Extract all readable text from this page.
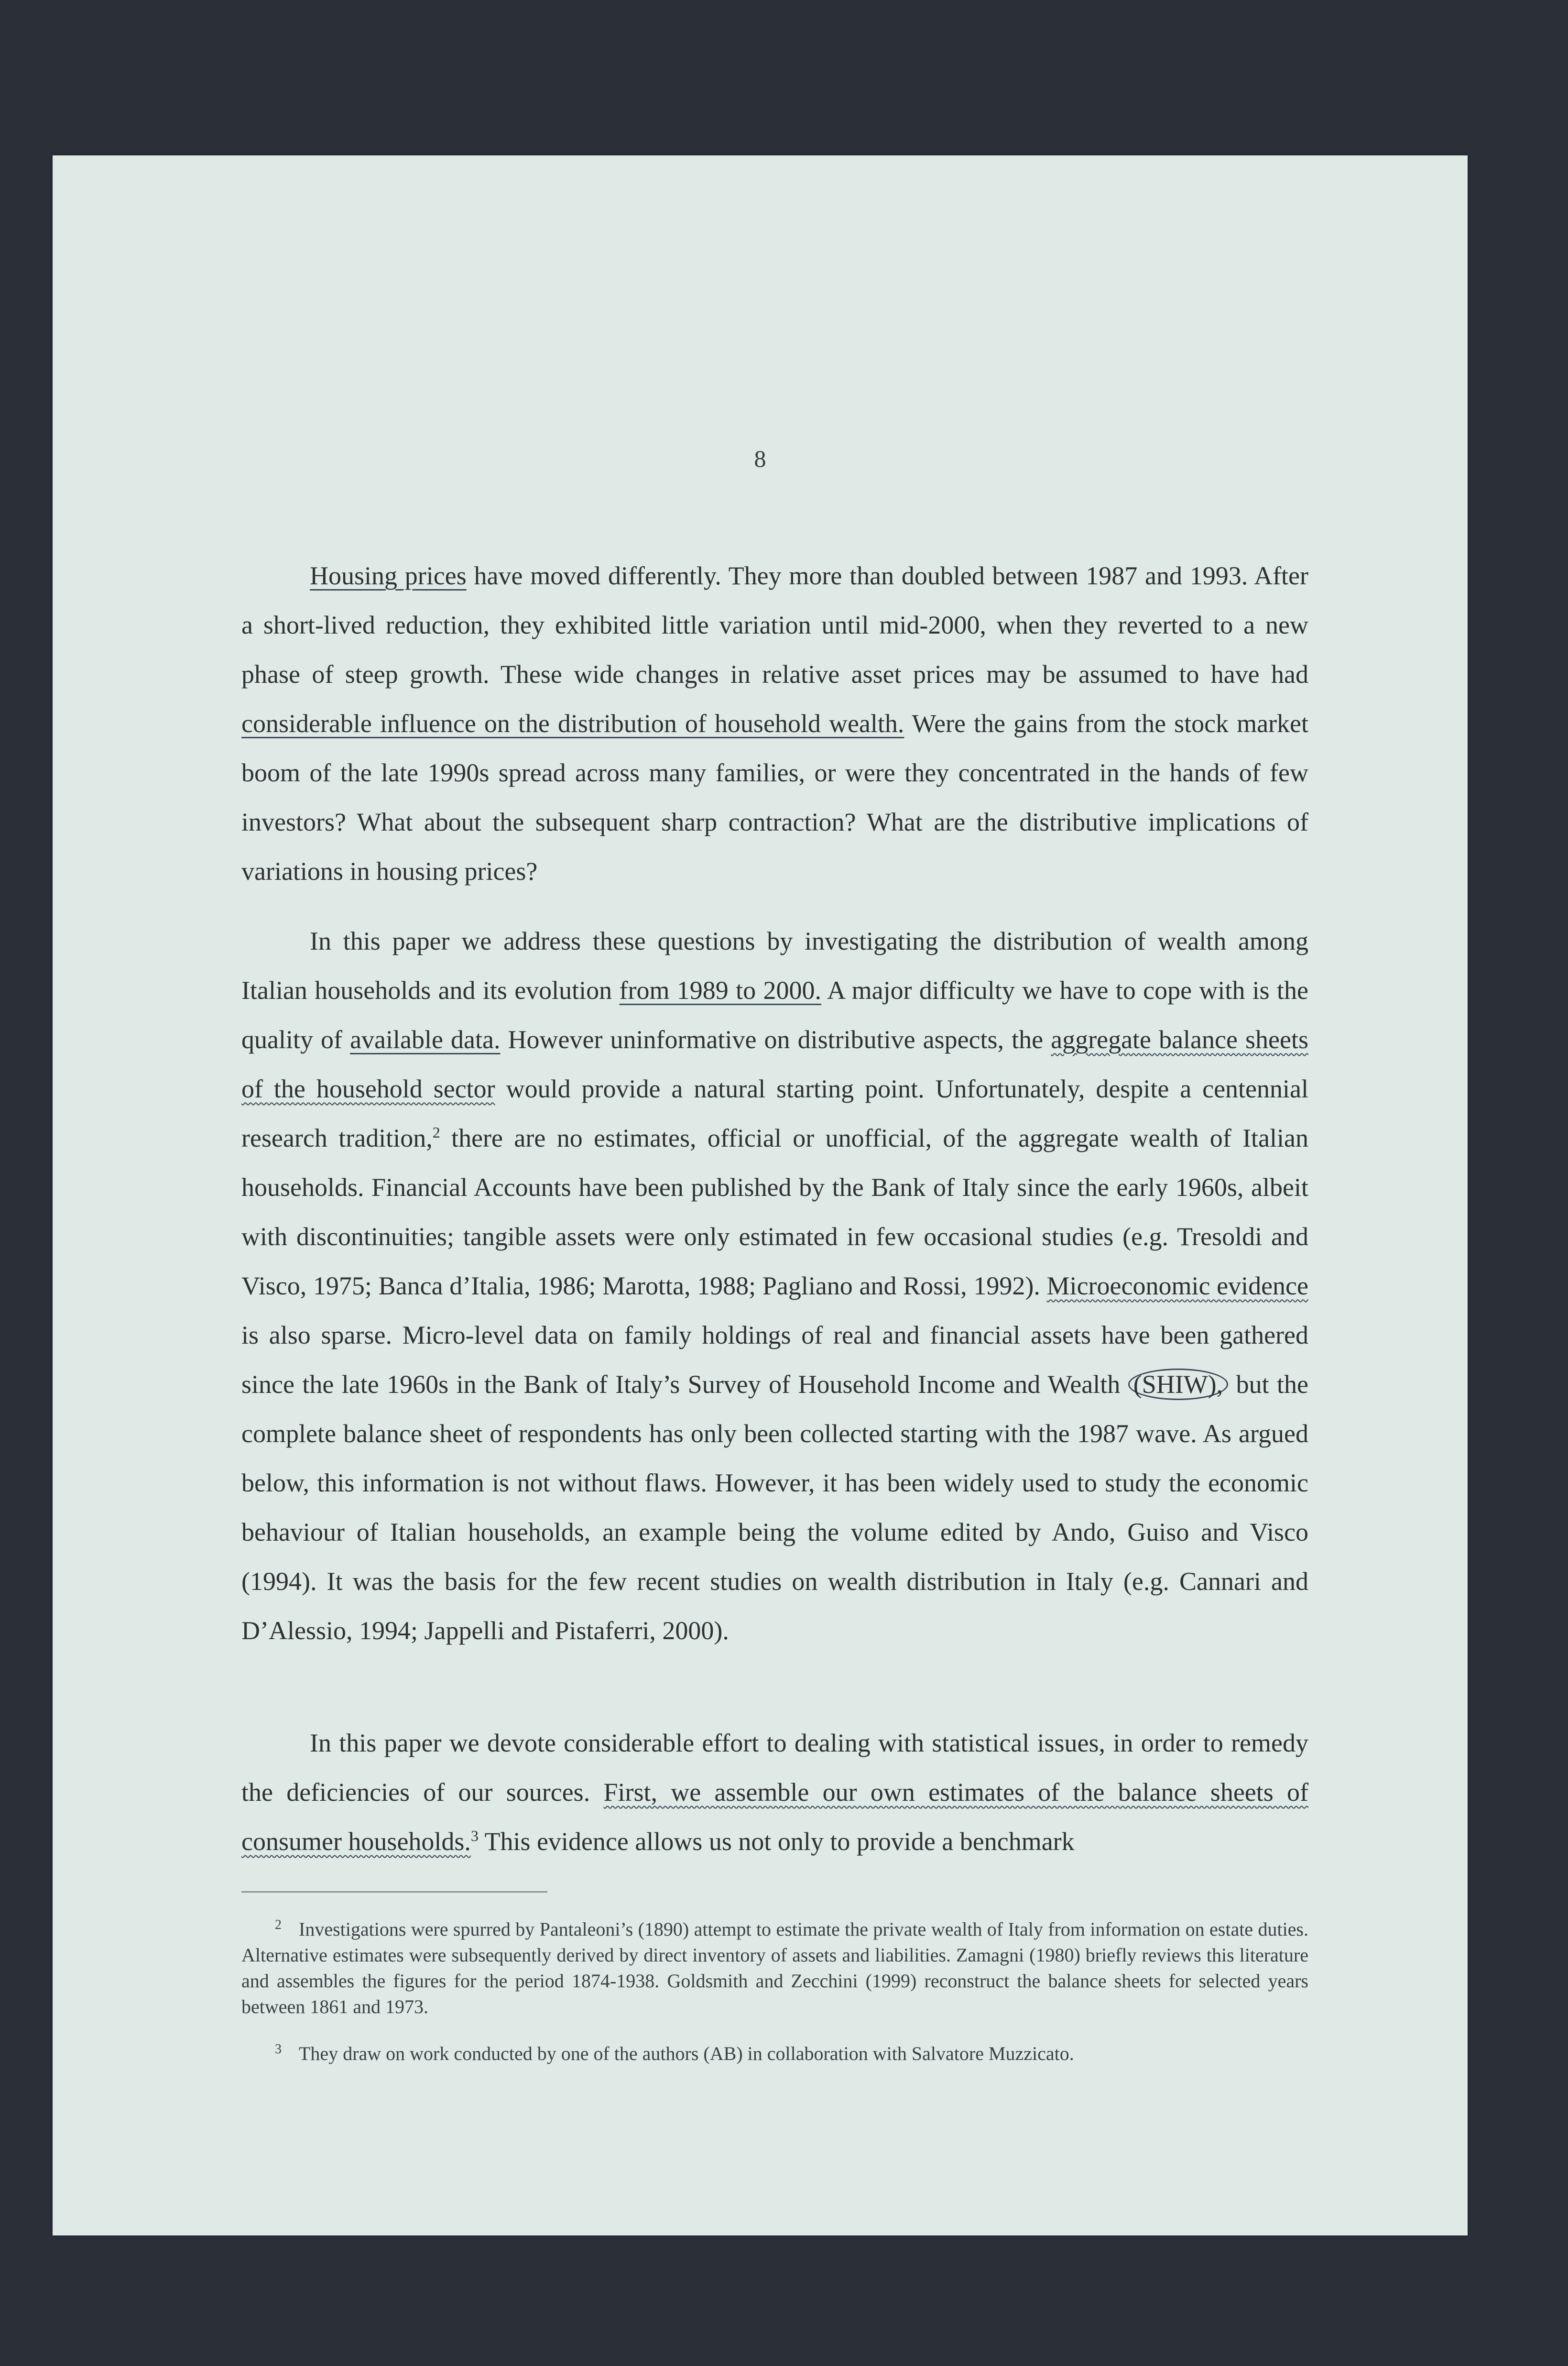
8

Housing prices have moved differently. They more than doubled between 1987 and 1993. After a short-lived reduction, they exhibited little variation until mid-2000, when they reverted to a new phase of steep growth. These wide changes in relative asset prices may be assumed to have had considerable influence on the distribution of household wealth. Were the gains from the stock market boom of the late 1990s spread across many families, or were they concentrated in the hands of few investors? What about the subsequent sharp contraction? What are the distributive implications of variations in housing prices?

In this paper we address these questions by investigating the distribution of wealth among Italian households and its evolution from 1989 to 2000. A major difficulty we have to cope with is the quality of available data. However uninformative on distributive aspects, the aggregate balance sheets of the household sector would provide a natural starting point. Unfortunately, despite a centennial research tradition,$^2$ there are no estimates, official or unofficial, of the aggregate wealth of Italian households. Financial Accounts have been published by the Bank of Italy since the early 1960s, albeit with discontinuities; tangible assets were only estimated in few occasional studies (e.g. Tresoldi and Visco, 1975; Banca d’Italia, 1986; Marotta, 1988; Pagliano and Rossi, 1992). Microeconomic evidence is also sparse. Micro-level data on family holdings of real and financial assets have been gathered since the late 1960s in the Bank of Italy’s Survey of Household Income and Wealth (SHIW), but the complete balance sheet of respondents has only been collected starting with the 1987 wave. As argued below, this information is not without flaws. However, it has been widely used to study the economic behaviour of Italian households, an example being the volume edited by Ando, Guiso and Visco (1994). It was the basis for the few recent studies on wealth distribution in Italy (e.g. Cannari and D’Alessio, 1994; Jappelli and Pistaferri, 2000).

In this paper we devote considerable effort to dealing with statistical issues, in order to remedy the deficiencies of our sources. First, we assemble our own estimates of the balance sheets of consumer households.$^3$ This evidence allows us not only to provide a benchmark

$^2$ Investigations were spurred by Pantaleoni’s (1890) attempt to estimate the private wealth of Italy from information on estate duties. Alternative estimates were subsequently derived by direct inventory of assets and liabilities. Zamagni (1980) briefly reviews this literature and assembles the figures for the period 1874-1938. Goldsmith and Zecchini (1999) reconstruct the balance sheets for selected years between 1861 and 1973.

$^3$ They draw on work conducted by one of the authors (AB) in collaboration with Salvatore Muzzicato.
